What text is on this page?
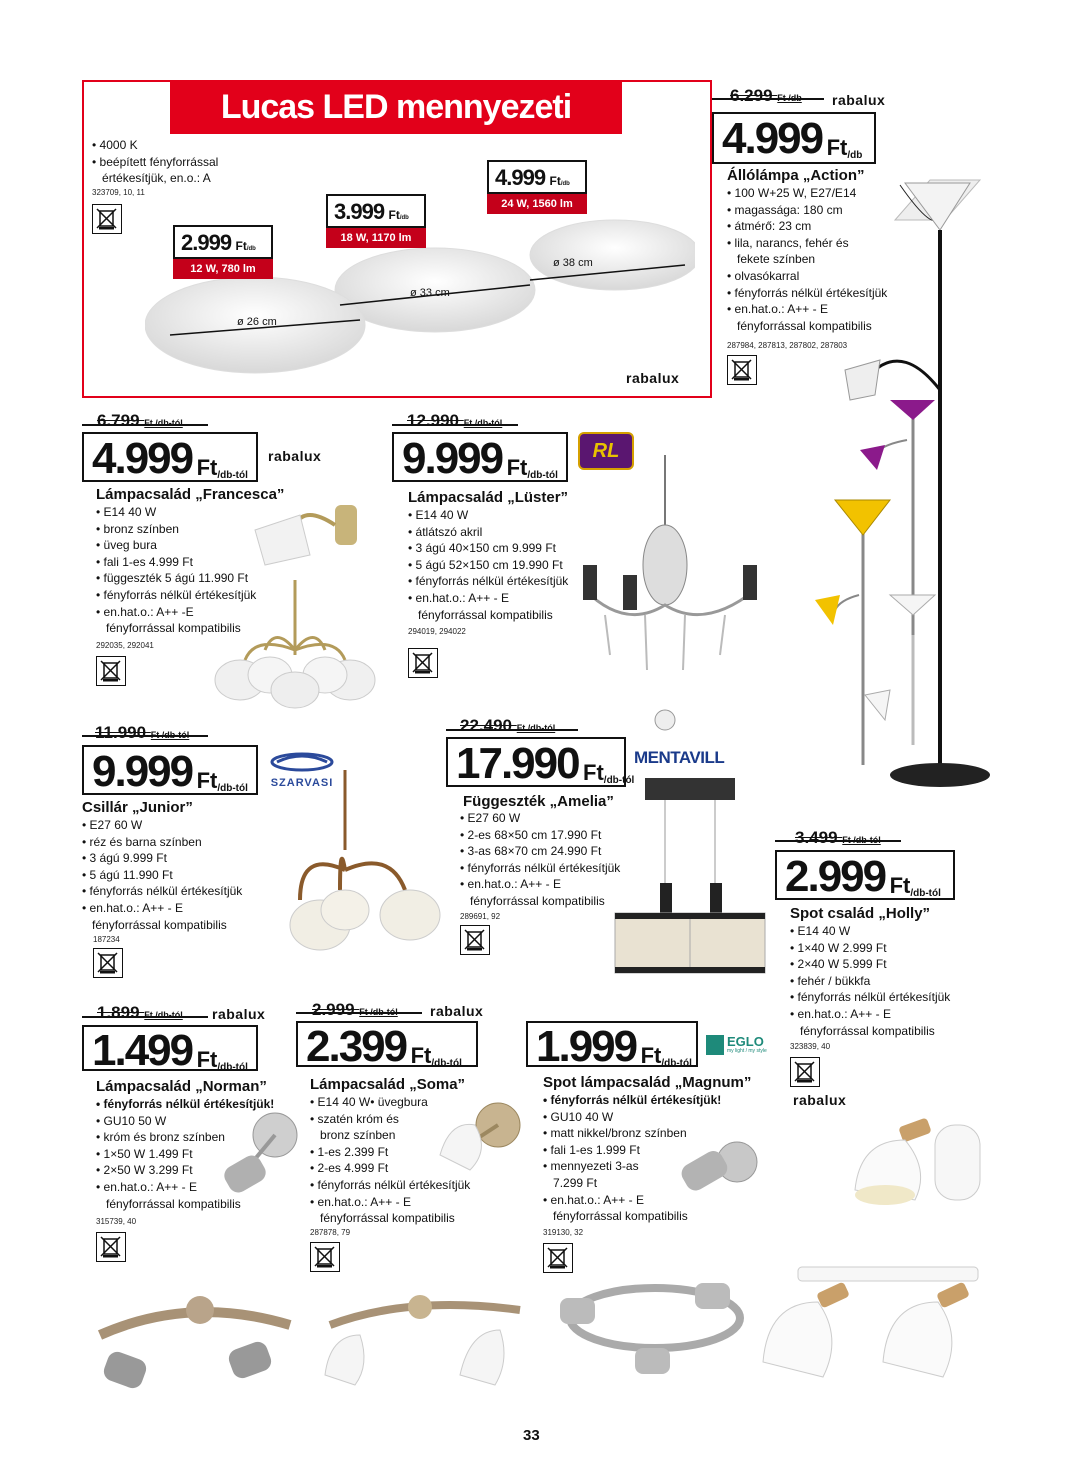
Lucas LED mennyezeti lámpák
• 4000 K
• beépített fényforrással
értékesítjük, en.o.: A
323709, 10, 11
ø 26 cm
ø 33 cm
ø 38 cm
2.999 Ft/db
12 W, 780 lm
3.999 Ft/db
18 W, 1170 lm
4.999 Ft/db
24 W, 1560 lm
rabalux
6.299 Ft /db rabalux
4.999 Ft/db
Állólámpa „Action”
• 100 W+25 W, E27/E14
• magassága: 180 cm
• átmérő: 23 cm
• lila, narancs, fehér és
fekete színben
• olvasókarral
• fényforrás nélkül értékesítjük
• en.hat.o.: A++ - E
fényforrással kompatibilis
287984, 287813, 287802, 287803
6.799 Ft /db-tól
4.999 Ft/db-tól
rabalux
Lámpacsalád „Francesca”
• E14 40 W
• bronz színben
• üveg bura
• fali 1-es 4.999 Ft
• függeszték 5 ágú 11.990 Ft
• fényforrás nélkül értékesítjük
• en.hat.o.: A++ -E
fényforrással kompatibilis
292035, 292041
12.990 Ft /db-tól
9.999 Ft/db-tól
RL
Lámpacsalád „Lüster”
• E14 40 W
• átlátszó akril
• 3 ágú 40×150 cm 9.999 Ft
• 5 ágú 52×150 cm 19.990 Ft
• fényforrás nélkül értékesítjük
• en.hat.o.: A++ - E
fényforrással kompatibilis
294019, 294022
11.990 Ft /db-tól
9.999 Ft/db-tól	SZARVASI
Csillár „Junior”
• E27 60 W
• réz és barna színben
• 3 ágú 9.999 Ft
• 5 ágú 11.990 Ft
• fényforrás nélkül értékesítjük
• en.hat.o.: A++ - E
fényforrással kompatibilis
187234
22.490 Ft /db-tól
17.990 Ft/db-tól
MENTAVILL
Függeszték „Amelia”
• E27 60 W
• 2-es 68×50 cm 17.990 Ft
• 3-as 68×70 cm 24.990 Ft
• fényforrás nélkül értékesítjük
• en.hat.o.: A++ - E
fényforrással kompatibilis
289691, 92
3.499 Ft /db-tól
2.999 Ft/db-tól
Spot család „Holly”
• E14 40 W
• 1×40 W 2.999 Ft
• 2×40 W 5.999 Ft
• fehér / bükkfa
• fényforrás nélkül értékesítjük
• en.hat.o.: A++ - E
fényforrással kompatibilis
323839, 40
rabalux
1.899 Ft /db-tól rabalux
1.499 Ft/db-tól
Lámpacsalád „Norman”
• fényforrás nélkül értékesítjük!
• GU10 50 W
• króm és bronz színben
• 1×50 W 1.499 Ft
• 2×50 W 3.299 Ft
• en.hat.o.: A++ - E
fényforrással kompatibilis
315739, 40
2.999 Ft /db-tól rabalux
2.399 Ft/db-tól
Lámpacsalád „Soma”
• E14 40 W• üvegbura
• szatén króm és
bronz színben
• 1-es 2.399 Ft
• 2-es 4.999 Ft
• fényforrás nélkül értékesítjük
• en.hat.o.: A++ - E
fényforrással kompatibilis
287878, 79
1.999 Ft/db-tól
EGLO
my light / my style
Spot lámpacsalád „Magnum”
• fényforrás nélkül értékesítjük!
• GU10 40 W
• matt nikkel/bronz színben
• fali 1-es 1.999 Ft
• mennyezeti 3-as
7.299 Ft
• en.hat.o.: A++ - E
fényforrással kompatibilis
319130, 32
33
